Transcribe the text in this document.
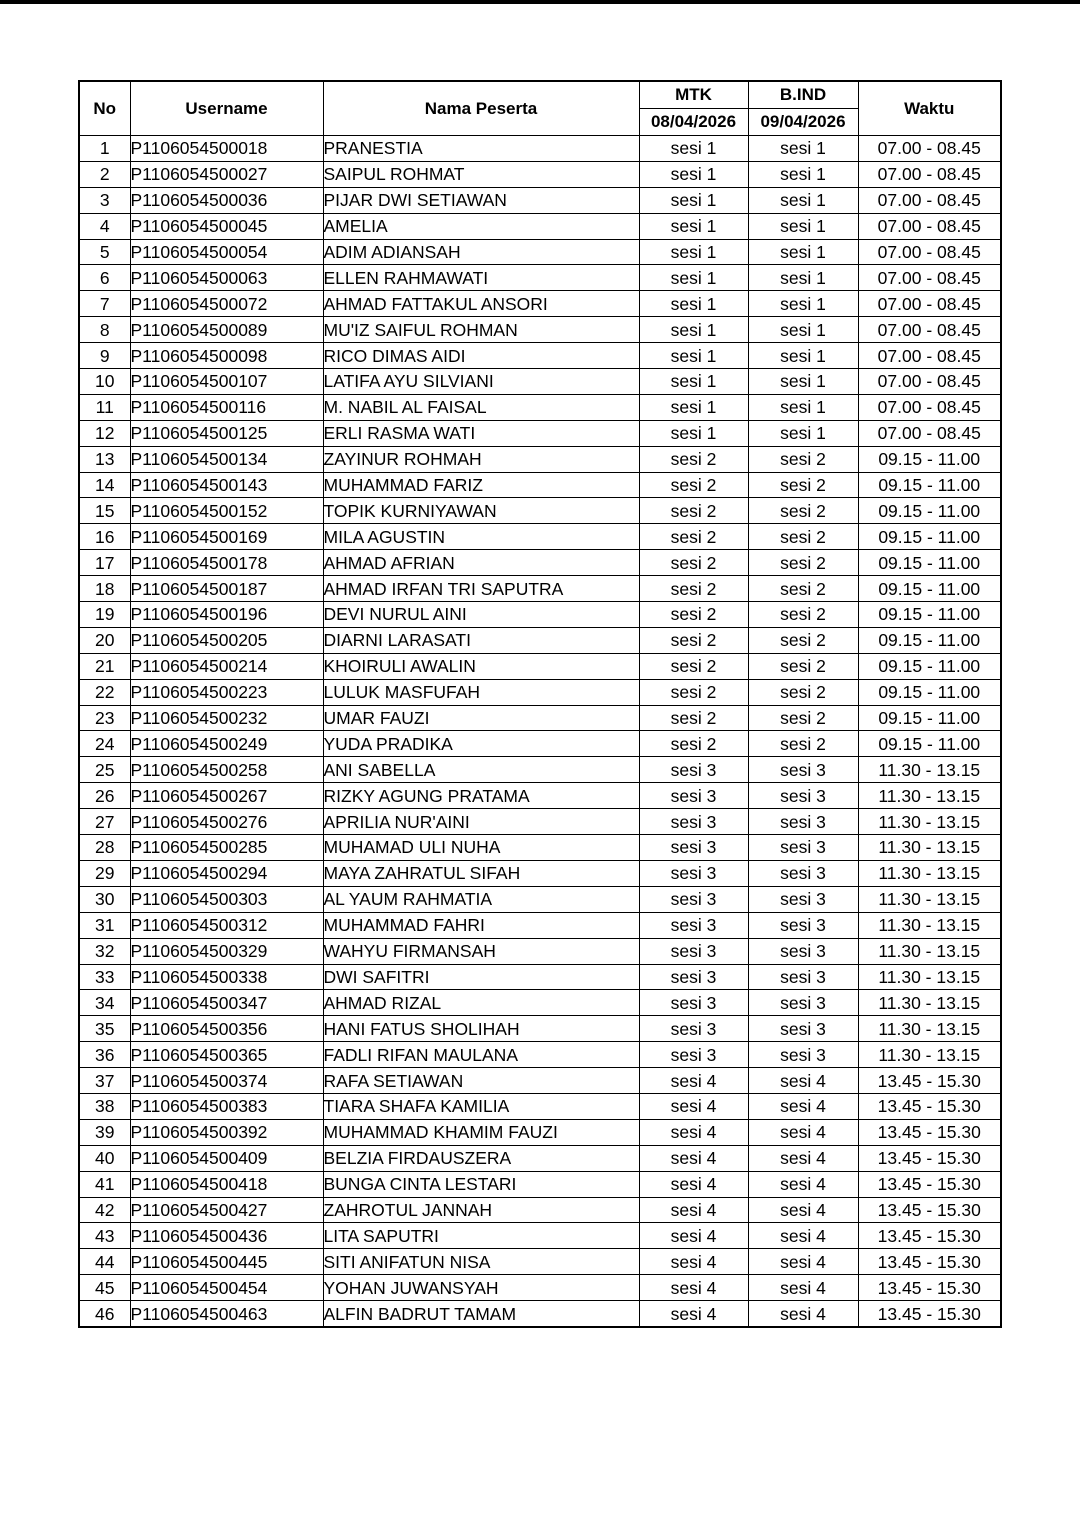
No	Username	Nama Peserta	MTK	B.IND	Waktu
			08/04/2026	09/04/2026	
1	P1106054500018	PRANESTIA	sesi 1	sesi 1	07.00 - 08.45
2	P1106054500027	SAIPUL ROHMAT	sesi 1	sesi 1	07.00 - 08.45
3	P1106054500036	PIJAR DWI SETIAWAN	sesi 1	sesi 1	07.00 - 08.45
4	P1106054500045	AMELIA	sesi 1	sesi 1	07.00 - 08.45
5	P1106054500054	ADIM ADIANSAH	sesi 1	sesi 1	07.00 - 08.45
6	P1106054500063	ELLEN RAHMAWATI	sesi 1	sesi 1	07.00 - 08.45
7	P1106054500072	AHMAD FATTAKUL ANSORI	sesi 1	sesi 1	07.00 - 08.45
8	P1106054500089	MU'IZ SAIFUL ROHMAN	sesi 1	sesi 1	07.00 - 08.45
9	P1106054500098	RICO DIMAS AIDI	sesi 1	sesi 1	07.00 - 08.45
10	P1106054500107	LATIFA AYU SILVIANI	sesi 1	sesi 1	07.00 - 08.45
11	P1106054500116	M. NABIL AL FAISAL	sesi 1	sesi 1	07.00 - 08.45
12	P1106054500125	ERLI RASMA WATI	sesi 1	sesi 1	07.00 - 08.45
13	P1106054500134	ZAYINUR ROHMAH	sesi 2	sesi 2	09.15 - 11.00
14	P1106054500143	MUHAMMAD FARIZ	sesi 2	sesi 2	09.15 - 11.00
15	P1106054500152	TOPIK KURNIYAWAN	sesi 2	sesi 2	09.15 - 11.00
16	P1106054500169	MILA AGUSTIN	sesi 2	sesi 2	09.15 - 11.00
17	P1106054500178	AHMAD AFRIAN	sesi 2	sesi 2	09.15 - 11.00
18	P1106054500187	AHMAD IRFAN TRI SAPUTRA	sesi 2	sesi 2	09.15 - 11.00
19	P1106054500196	DEVI NURUL AINI	sesi 2	sesi 2	09.15 - 11.00
20	P1106054500205	DIARNI LARASATI	sesi 2	sesi 2	09.15 - 11.00
21	P1106054500214	KHOIRULI AWALIN	sesi 2	sesi 2	09.15 - 11.00
22	P1106054500223	LULUK MASFUFAH	sesi 2	sesi 2	09.15 - 11.00
23	P1106054500232	UMAR FAUZI	sesi 2	sesi 2	09.15 - 11.00
24	P1106054500249	YUDA PRADIKA	sesi 2	sesi 2	09.15 - 11.00
25	P1106054500258	ANI SABELLA	sesi 3	sesi 3	11.30 - 13.15
26	P1106054500267	RIZKY AGUNG PRATAMA	sesi 3	sesi 3	11.30 - 13.15
27	P1106054500276	APRILIA NUR'AINI	sesi 3	sesi 3	11.30 - 13.15
28	P1106054500285	MUHAMAD ULI NUHA	sesi 3	sesi 3	11.30 - 13.15
29	P1106054500294	MAYA ZAHRATUL SIFAH	sesi 3	sesi 3	11.30 - 13.15
30	P1106054500303	AL YAUM RAHMATIA	sesi 3	sesi 3	11.30 - 13.15
31	P1106054500312	MUHAMMAD FAHRI	sesi 3	sesi 3	11.30 - 13.15
32	P1106054500329	WAHYU FIRMANSAH	sesi 3	sesi 3	11.30 - 13.15
33	P1106054500338	DWI SAFITRI	sesi 3	sesi 3	11.30 - 13.15
34	P1106054500347	AHMAD RIZAL	sesi 3	sesi 3	11.30 - 13.15
35	P1106054500356	HANI FATUS SHOLIHAH	sesi 3	sesi 3	11.30 - 13.15
36	P1106054500365	FADLI RIFAN MAULANA	sesi 3	sesi 3	11.30 - 13.15
37	P1106054500374	RAFA SETIAWAN	sesi 4	sesi 4	13.45 - 15.30
38	P1106054500383	TIARA SHAFA KAMILIA	sesi 4	sesi 4	13.45 - 15.30
39	P1106054500392	MUHAMMAD KHAMIM FAUZI	sesi 4	sesi 4	13.45 - 15.30
40	P1106054500409	BELZIA FIRDAUSZERA	sesi 4	sesi 4	13.45 - 15.30
41	P1106054500418	BUNGA CINTA LESTARI	sesi 4	sesi 4	13.45 - 15.30
42	P1106054500427	ZAHROTUL JANNAH	sesi 4	sesi 4	13.45 - 15.30
43	P1106054500436	LITA SAPUTRI	sesi 4	sesi 4	13.45 - 15.30
44	P1106054500445	SITI ANIFATUN NISA	sesi 4	sesi 4	13.45 - 15.30
45	P1106054500454	YOHAN JUWANSYAH	sesi 4	sesi 4	13.45 - 15.30
46	P1106054500463	ALFIN BADRUT TAMAM	sesi 4	sesi 4	13.45 - 15.30
